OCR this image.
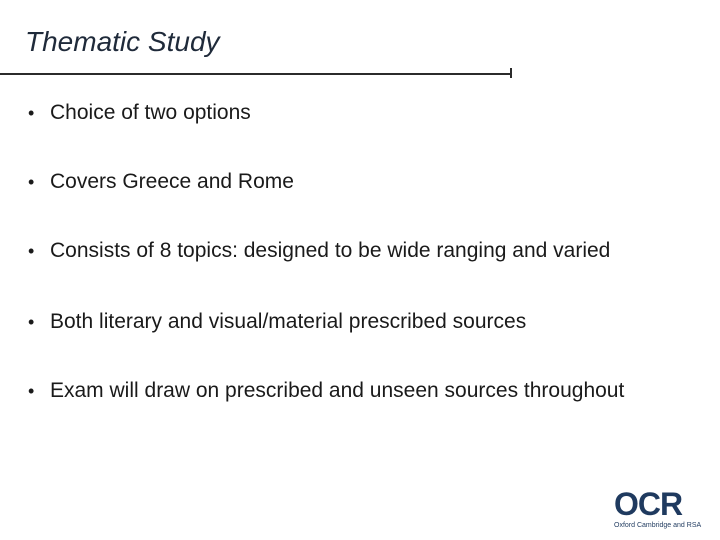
Thematic Study
• Choice of two options
• Covers Greece and Rome
• Consists of 8 topics: designed to be wide ranging and varied
• Both literary and visual/material prescribed sources
• Exam will draw on prescribed and unseen sources throughout
OCR
Oxford Cambridge and RSA
